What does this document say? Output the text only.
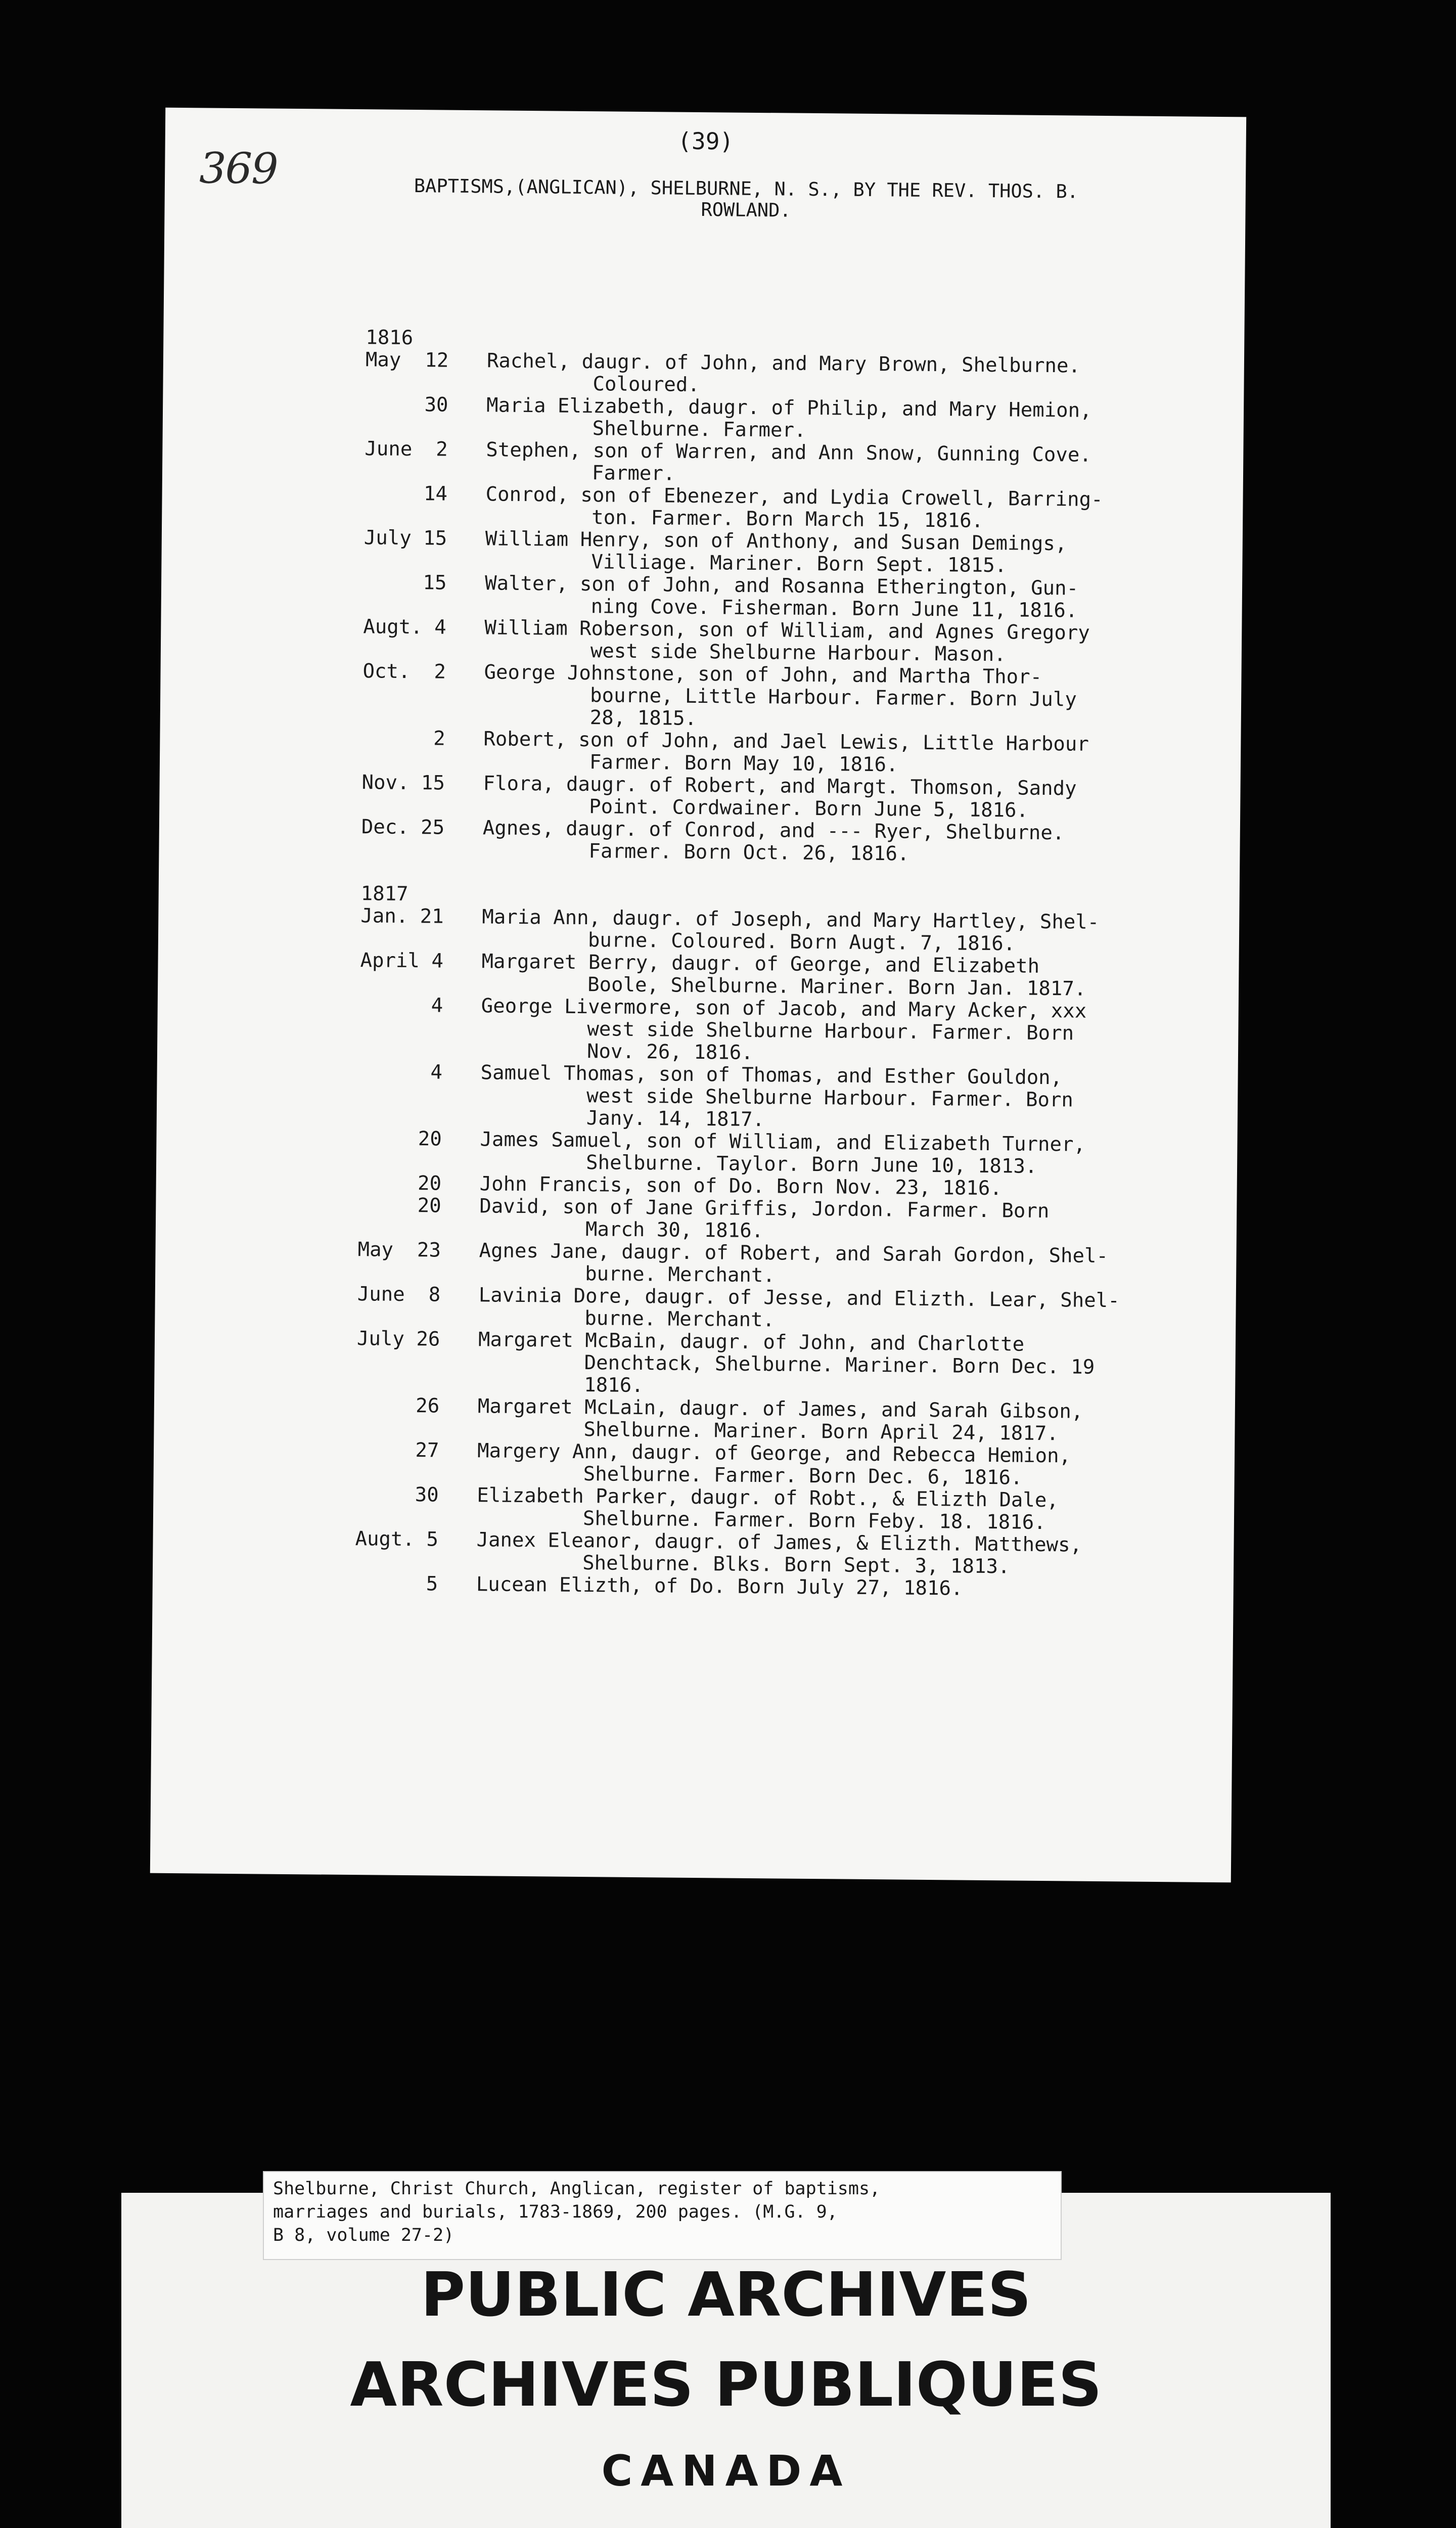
(39)
369	BAPTISMS,(ANGLICAN), SHELBURNE, N. S., BY THE REV. THOS. B.
ROWLAND.
1816
May  12	Rachel, daugr. of John, and Mary Brown, Shelburne.
Coloured.
30	Maria Elizabeth, daugr. of Philip, and Mary Hemion,
Shelburne. Farmer.
June  2	Stephen, son of Warren, and Ann Snow, Gunning Cove.
Farmer.
14	Conrod, son of Ebenezer, and Lydia Crowell, Barring-
ton. Farmer. Born March 15, 1816.
July 15	William Henry, son of Anthony, and Susan Demings,
Villiage. Mariner. Born Sept. 1815.
15	Walter, son of John, and Rosanna Etherington, Gun-
ning Cove. Fisherman. Born June 11, 1816.
Augt. 4	William Roberson, son of William, and Agnes Gregory
west side Shelburne Harbour. Mason.
Oct.  2	George Johnstone, son of John, and Martha Thor-
bourne, Little Harbour. Farmer. Born July
28, 1815.
2	Robert, son of John, and Jael Lewis, Little Harbour
Farmer. Born May 10, 1816.
Nov. 15	Flora, daugr. of Robert, and Margt. Thomson, Sandy
Point. Cordwainer. Born June 5, 1816.
Dec. 25	Agnes, daugr. of Conrod, and --- Ryer, Shelburne.
Farmer. Born Oct. 26, 1816.
1817
Jan. 21	Maria Ann, daugr. of Joseph, and Mary Hartley, Shel-
burne. Coloured. Born Augt. 7, 1816.
April 4	Margaret Berry, daugr. of George, and Elizabeth
Boole, Shelburne. Mariner. Born Jan. 1817.
4	George Livermore, son of Jacob, and Mary Acker, xxx
west side Shelburne Harbour. Farmer. Born
Nov. 26, 1816.
4	Samuel Thomas, son of Thomas, and Esther Gouldon,
west side Shelburne Harbour. Farmer. Born
Jany. 14, 1817.
20	James Samuel, son of William, and Elizabeth Turner,
Shelburne. Taylor. Born June 10, 1813.
20	John Francis, son of Do. Born Nov. 23, 1816.
20	David, son of Jane Griffis, Jordon. Farmer. Born
March 30, 1816.
May  23	Agnes Jane, daugr. of Robert, and Sarah Gordon, Shel-
burne. Merchant.
June  8	Lavinia Dore, daugr. of Jesse, and Elizth. Lear, Shel-
burne. Merchant.
July 26	Margaret McBain, daugr. of John, and Charlotte
Denchtack, Shelburne. Mariner. Born Dec. 19
1816.
26	Margaret McLain, daugr. of James, and Sarah Gibson,
Shelburne. Mariner. Born April 24, 1817.
27	Margery Ann, daugr. of George, and Rebecca Hemion,
Shelburne. Farmer. Born Dec. 6, 1816.
30	Elizabeth Parker, daugr. of Robt., & Elizth Dale,
Shelburne. Farmer. Born Feby. 18. 1816.
Augt. 5	Janex Eleanor, daugr. of James, & Elizth. Matthews,
Shelburne. Blks. Born Sept. 3, 1813.
5	Lucean Elizth, of Do. Born July 27, 1816.
Shelburne, Christ Church, Anglican, register of baptisms,
marriages and burials, 1783-1869, 200 pages. (M.G. 9,
B 8, volume 27-2)
PUBLIC ARCHIVES
ARCHIVES PUBLIQUES
CANADA
